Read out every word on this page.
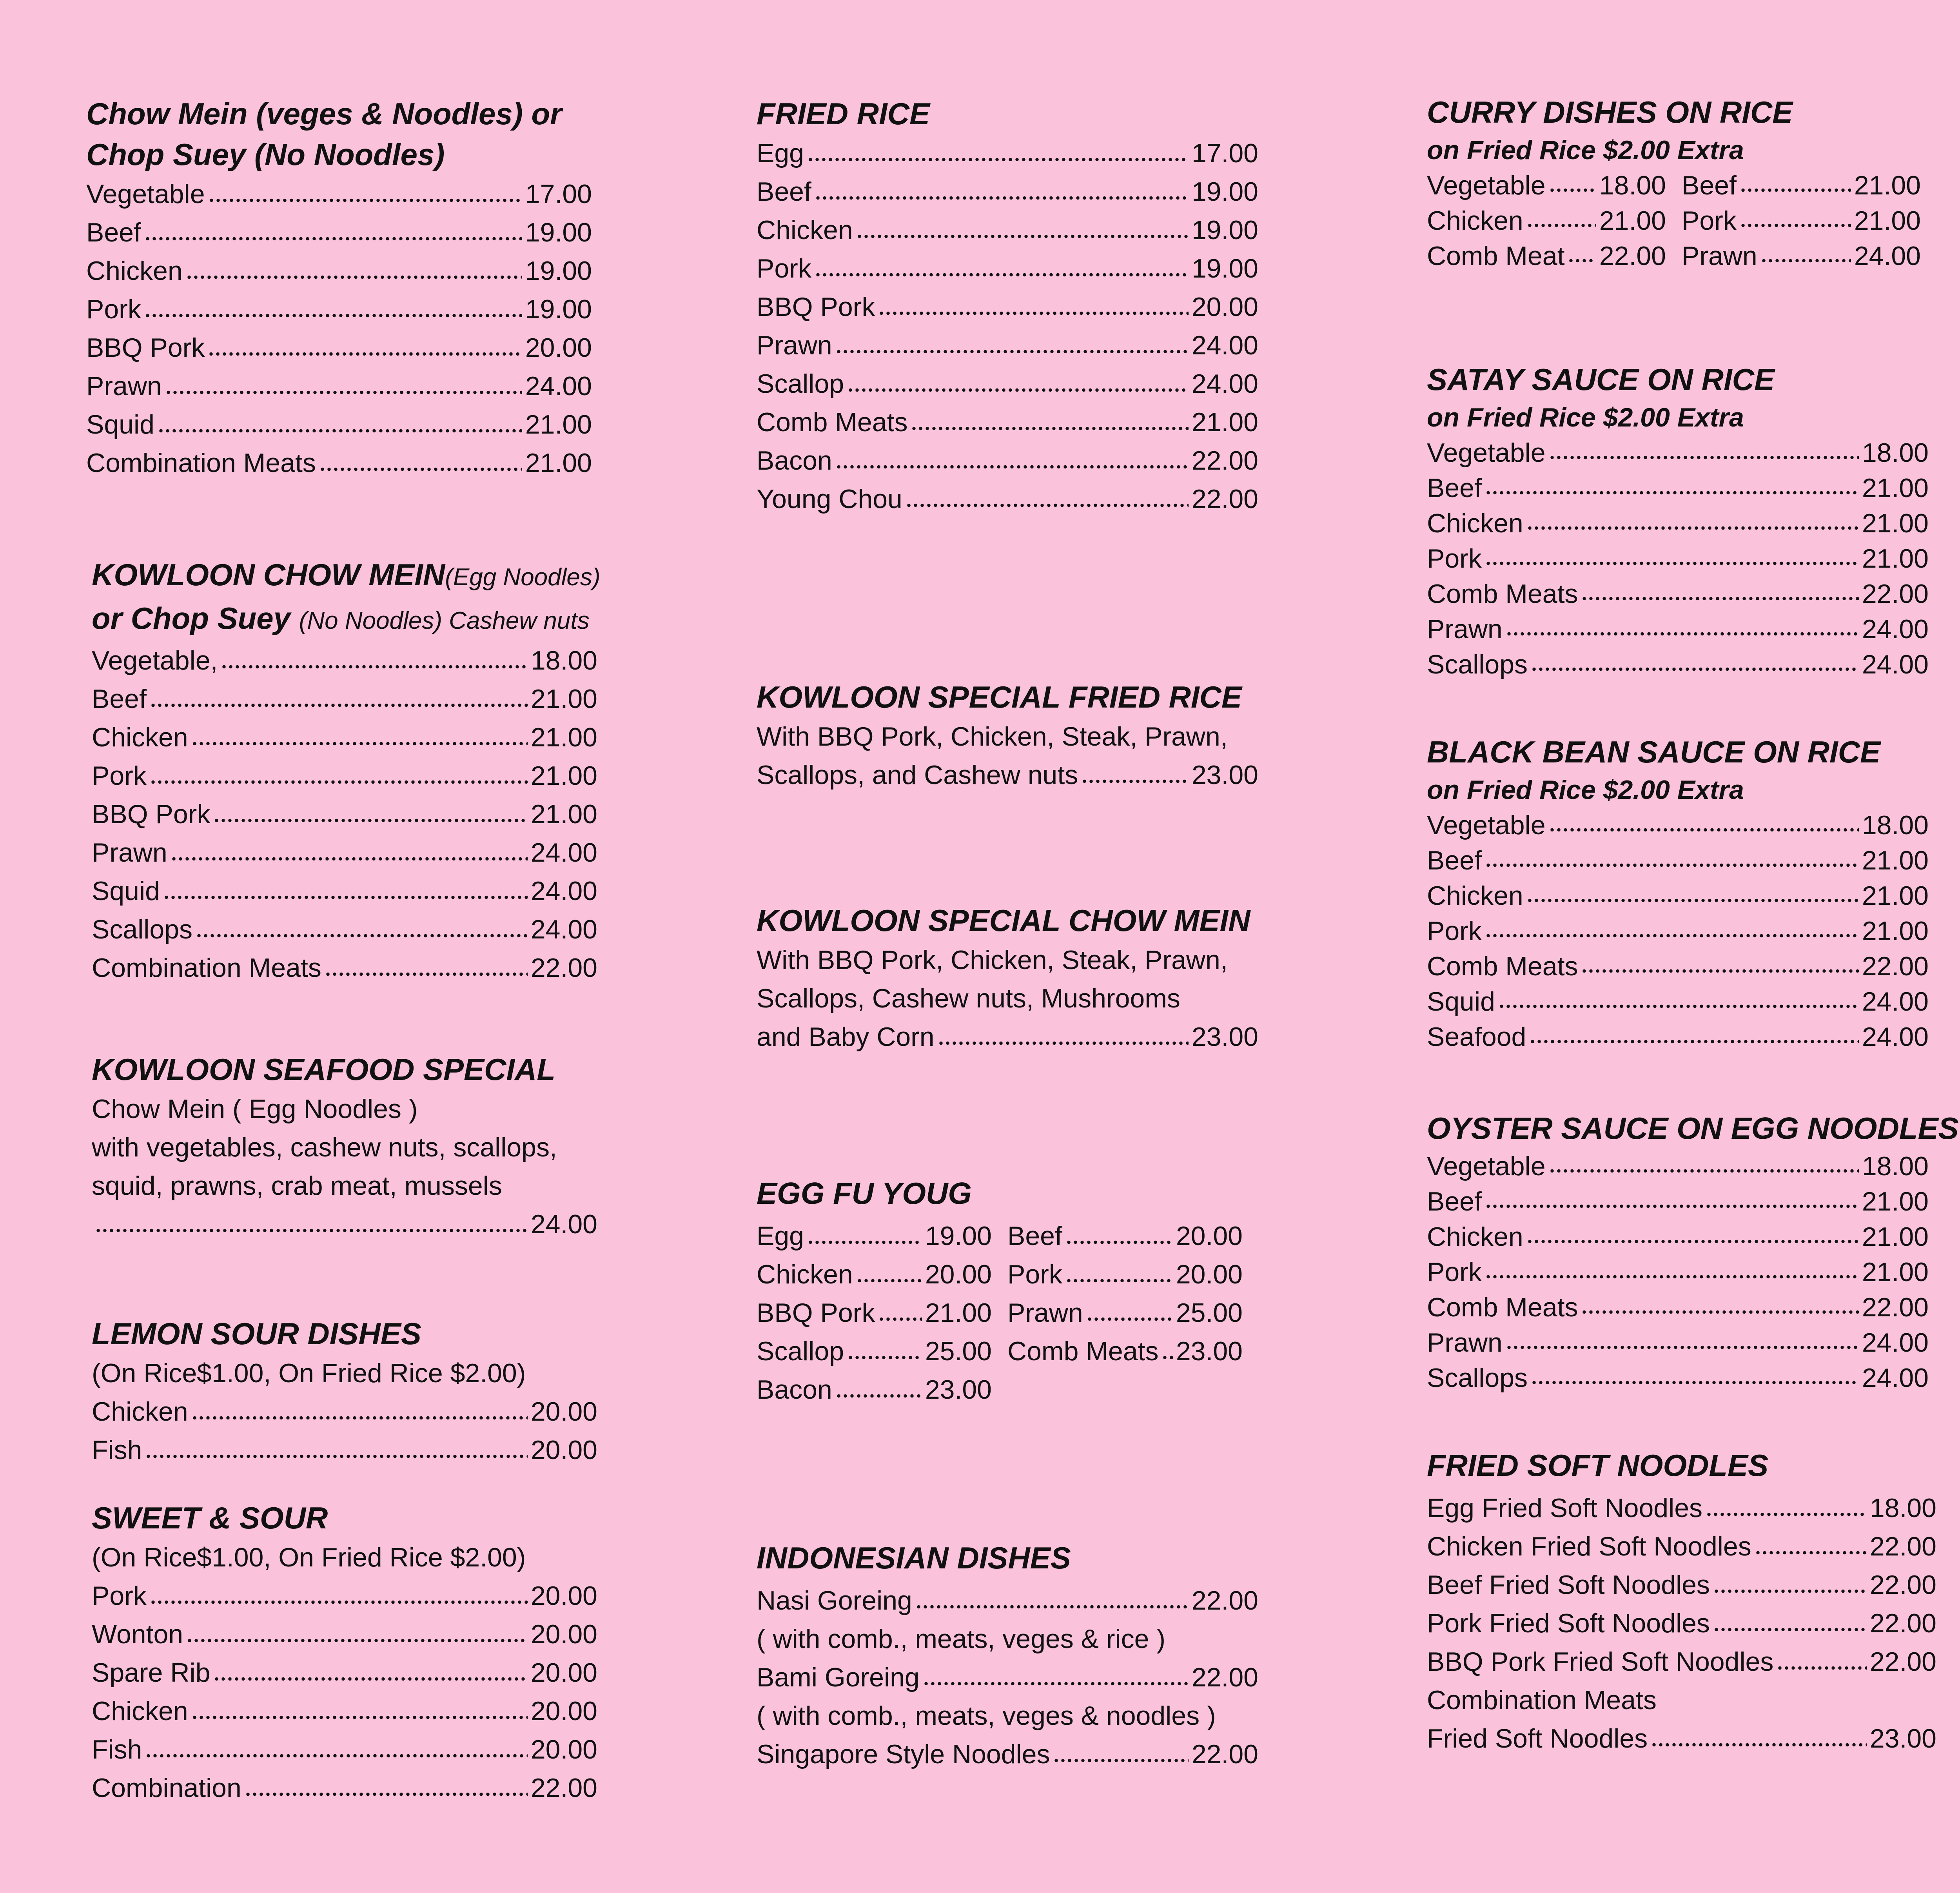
Chow Mein (veges & Noodles) or
Chop Suey (No Noodles)
Vegetable	17.00
Beef	19.00
Chicken	19.00
Pork	19.00
BBQ Pork	20.00
Prawn	24.00
Squid	21.00
Combination Meats	21.00
KOWLOON CHOW MEIN(Egg Noodles)
or Chop Suey (No Noodles) Cashew nuts
Vegetable,	18.00
Beef	21.00
Chicken	21.00
Pork	21.00
BBQ Pork	21.00
Prawn	24.00
Squid	24.00
Scallops	24.00
Combination Meats	22.00
KOWLOON SEAFOOD SPECIAL
Chow Mein ( Egg Noodles )
with vegetables, cashew nuts, scallops,
squid, prawns, crab meat, mussels
24.00
LEMON SOUR DISHES
(On Rice$1.00, On Fried Rice $2.00)
Chicken	20.00
Fish	20.00
SWEET & SOUR
(On Rice$1.00, On Fried Rice $2.00)
Pork	20.00
Wonton	20.00
Spare Rib	20.00
Chicken	20.00
Fish	20.00
Combination	22.00
FRIED RICE
Egg	17.00
Beef	19.00
Chicken	19.00
Pork	19.00
BBQ Pork	20.00
Prawn	24.00
Scallop	24.00
Comb Meats	21.00
Bacon	22.00
Young Chou	22.00
KOWLOON SPECIAL FRIED RICE
With BBQ Pork, Chicken, Steak, Prawn,
Scallops, and Cashew nuts	23.00
KOWLOON SPECIAL CHOW MEIN
With BBQ Pork, Chicken, Steak, Prawn,
Scallops, Cashew nuts, Mushrooms
and Baby Corn	23.00
EGG FU YOUG
Egg	19.00 Beef	20.00
Chicken	20.00 Pork	20.00
BBQ Pork 21.00 Prawn	25.00
Scallop	25.00 Comb Meats 23.00
Bacon	23.00
INDONESIAN DISHES
Nasi Goreing	22.00
( with comb., meats, veges & rice )
Bami Goreing	22.00
( with comb., meats, veges & noodles )
Singapore Style Noodles	22.00
CURRY DISHES ON RICE
on Fried Rice $2.00 Extra
Vegetable 18.00 Beef	21.00
Chicken	21.00 Pork	21.00
Comb Meat 22.00 Prawn	24.00
SATAY SAUCE ON RICE
on Fried Rice $2.00 Extra
Vegetable	18.00
Beef	21.00
Chicken	21.00
Pork	21.00
Comb Meats	22.00
Prawn	24.00
Scallops	24.00
BLACK BEAN SAUCE ON RICE
on Fried Rice $2.00 Extra
Vegetable	18.00
Beef	21.00
Chicken	21.00
Pork	21.00
Comb Meats	22.00
Squid	24.00
Seafood	24.00
OYSTER SAUCE ON EGG NOODLES
Vegetable	18.00
Beef	21.00
Chicken	21.00
Pork	21.00
Comb Meats	22.00
Prawn	24.00
Scallops	24.00
FRIED SOFT NOODLES
Egg Fried Soft Noodles	18.00
Chicken Fried Soft Noodles	22.00
Beef Fried Soft Noodles	22.00
Pork Fried Soft Noodles	22.00
BBQ Pork Fried Soft Noodles	22.00
Combination Meats
Fried Soft Noodles	23.00
